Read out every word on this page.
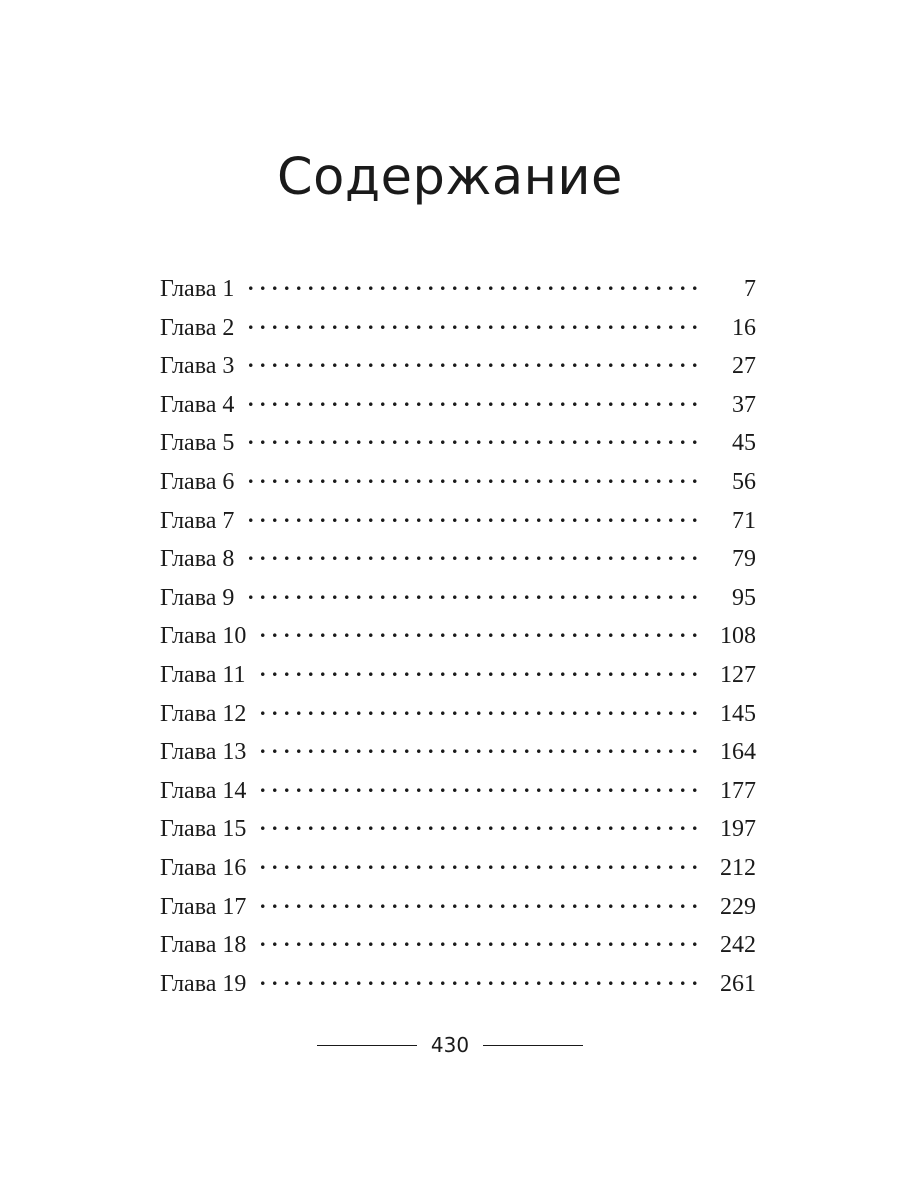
Содержание
Глава 1 . . .	7
Глава 2 . . .	16
Глава 3 . . .	27
Глава 4 . . .	37
Глава 5 . . .	45
Глава 6 . . .	56
Глава 7 . . .	71
Глава 8 . . .	79
Глава 9 . . .	95
Глава 10 . . .	108
Глава 11 . . .	127
Глава 12 . . .	145
Глава 13 . . .	164
Глава 14 . . .	177
Глава 15 . . .	197
Глава 16 . . .	212
Глава 17 . . .	229
Глава 18 . . .	242
Глава 19 . . .	261
430
